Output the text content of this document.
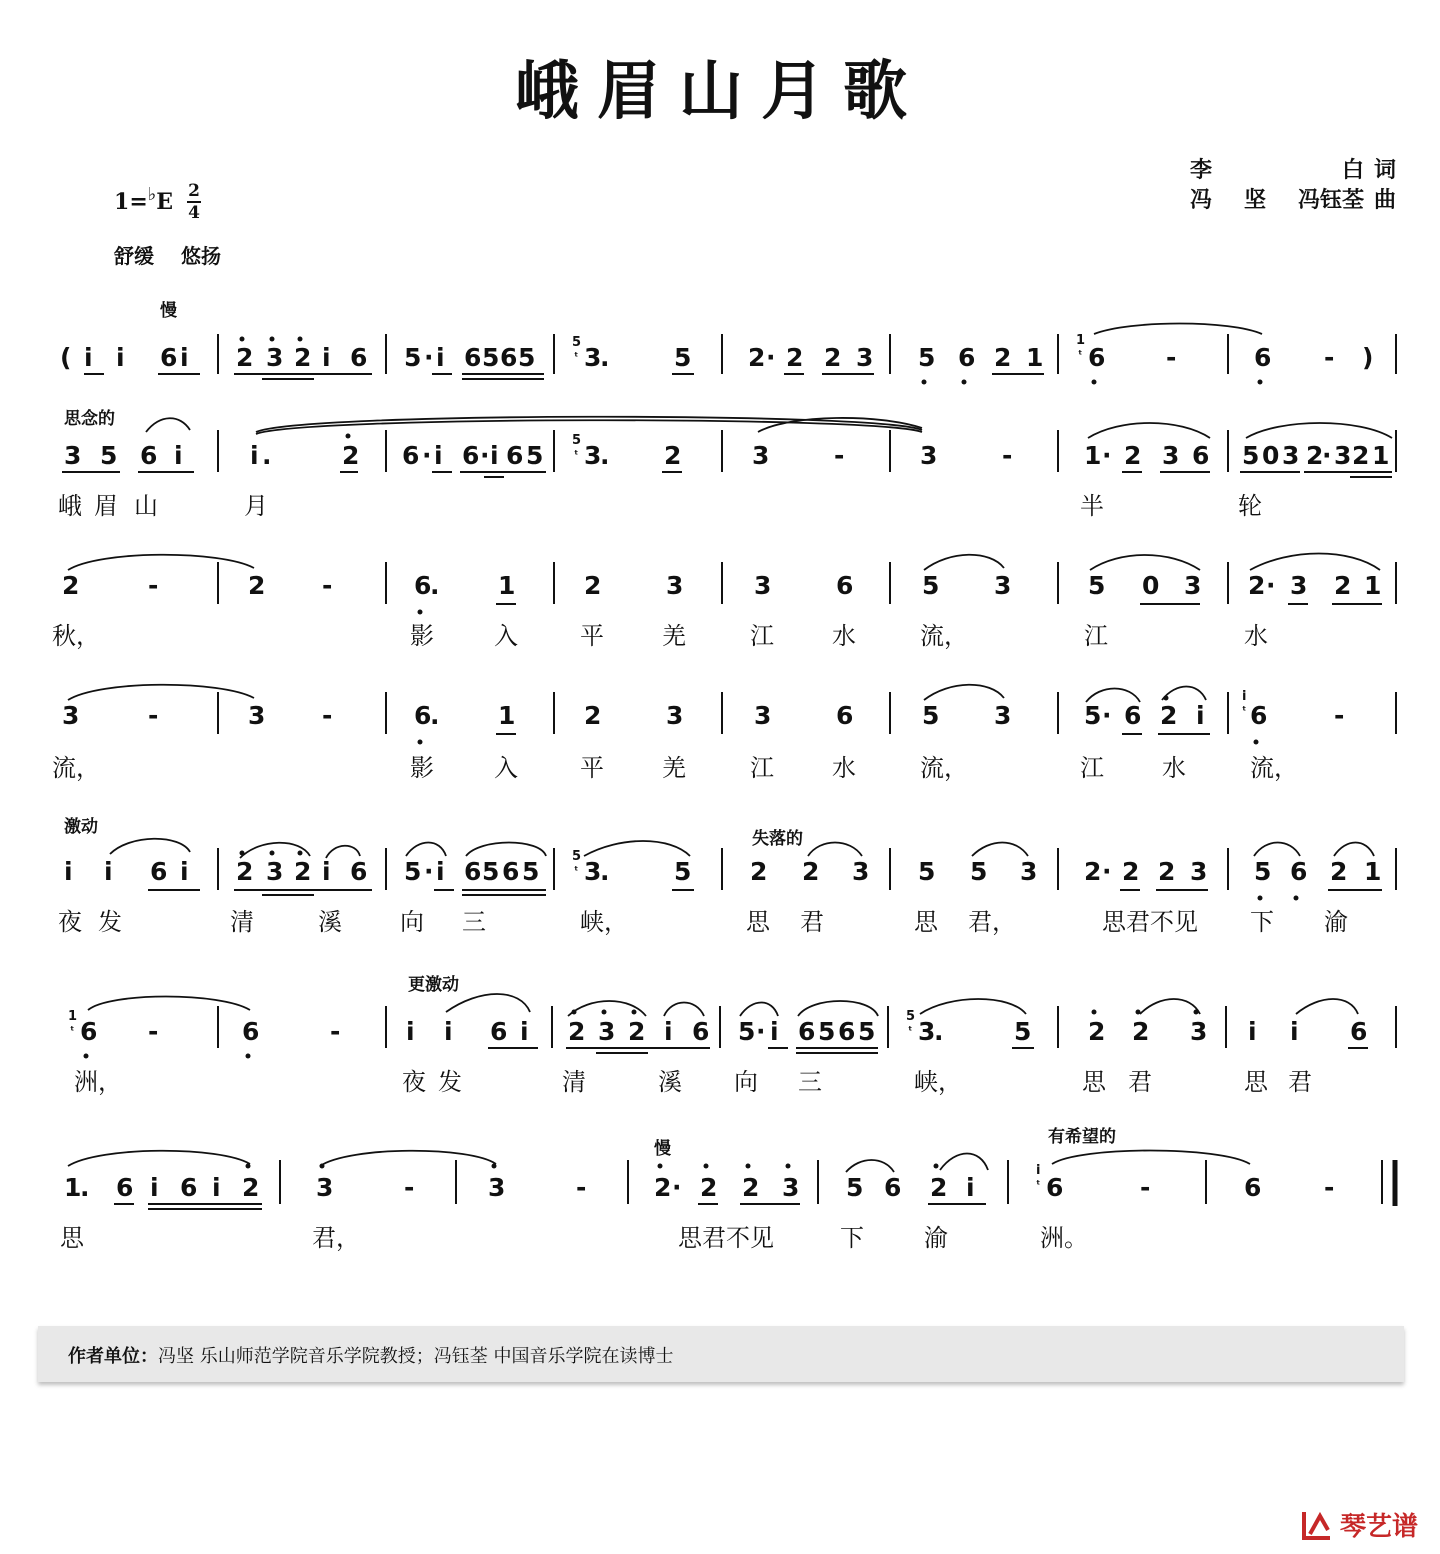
峨眉山月歌
李	白 词
冯 坚 冯钰荃 曲
1 = ♭ E $\frac{2}{4}$
舒缓 悠扬
慢
思念的
激动
失落的
更激动
慢
有希望的
( i i 6 i 2 3 2 i 6 5 · i 6 5 6 5 3
.	5 2 · 2 2 3 5 6 2 1 6 -	6 - )
3 5 6 i	i .	2 6 · i 6 · i 6 5 3
. 2	3	-	3	-	1 · 2 3 6 5 0 3 2
· 3 2 1
2	-	2 -	6
. 1	2	3	3	6	5 3	5 0 3 2 · 3 2 1
3	-	3 -	6
. 1	2	3	3	6	5 3	5 · 6 2 i 6	-
i i 6 i 2 3 2 i 6 5 · i 6 5 6 5 3
.	5 2 2 3 5 5 3 2 · 2 2 3 5 6 2 1
6 -	6	-	i i 6 i 2 3 2 i 6 5 · i 6 5 6 5 3
.	5 2 2 3 i i 6
1
. 6 i 6 i 2 3	-	3	-	2 · 2 2 3 5 6 2 i	6	-	6	-
5
ᵗ
1
ᵗ
5
ᵗ
i
ᵗ
5
ᵗ
1
ᵗ
5
ᵗ
i
ᵗ
峨 眉 山	月	半	轮
秋，	影	入	平 羌	江 水	流，	江	水
流，	影	入	平 羌	江 水	流，	江 水	流，
夜 发	清	溪 向 三	峡，	思 君	思 君，	思君不见 下 渝
洲，	夜 发	清	溪 向 三	峡，	思 君	思 君
思	君，	思君不见	下	渝	洲。
作者单位：冯坚 乐山师范学院音乐学院教授；冯钰荃 中国音乐学院在读博士
琴艺谱
